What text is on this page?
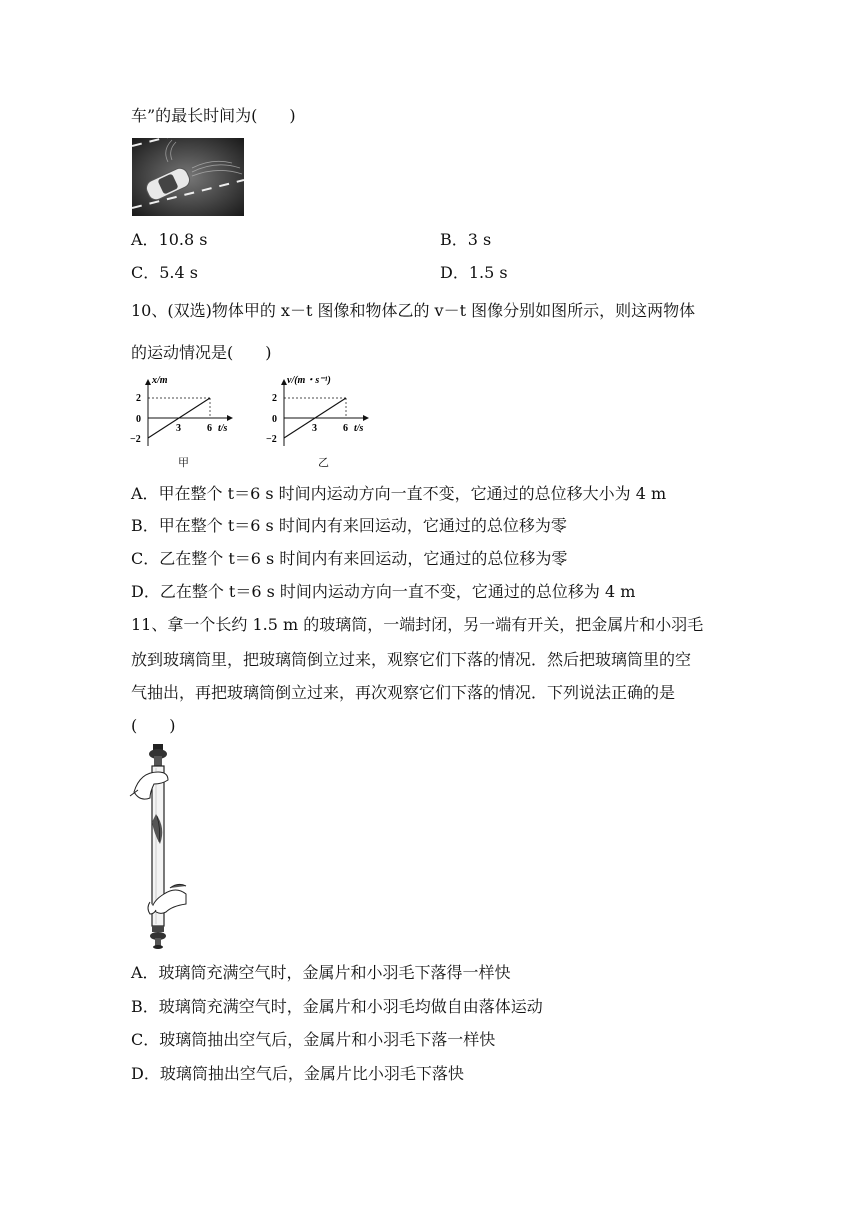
车”的最长时间为(　　)
A．10.8 s	B．3 s
C．5.4 s	D．1.5 s
10、(双选)物体甲的 x－t 图像和物体乙的 v－t 图像分别如图所示，则这两物体
的运动情况是(　　)
x/m
2
0
−2
3	6 t/s
甲
v/(m・s⁻¹)
2
0
−2
3	6 t/s
乙
A．甲在整个 t＝6 s 时间内运动方向一直不变，它通过的总位移大小为 4 m
B．甲在整个 t＝6 s 时间内有来回运动，它通过的总位移为零
C．乙在整个 t＝6 s 时间内有来回运动，它通过的总位移为零
D．乙在整个 t＝6 s 时间内运动方向一直不变，它通过的总位移为 4 m
11、拿一个长约 1.5 m 的玻璃筒，一端封闭，另一端有开关，把金属片和小羽毛
放到玻璃筒里，把玻璃筒倒立过来，观察它们下落的情况．然后把玻璃筒里的空
气抽出，再把玻璃筒倒立过来，再次观察它们下落的情况．下列说法正确的是
(　　)
A．玻璃筒充满空气时，金属片和小羽毛下落得一样快
B．玻璃筒充满空气时，金属片和小羽毛均做自由落体运动
C．玻璃筒抽出空气后，金属片和小羽毛下落一样快
D．玻璃筒抽出空气后，金属片比小羽毛下落快
